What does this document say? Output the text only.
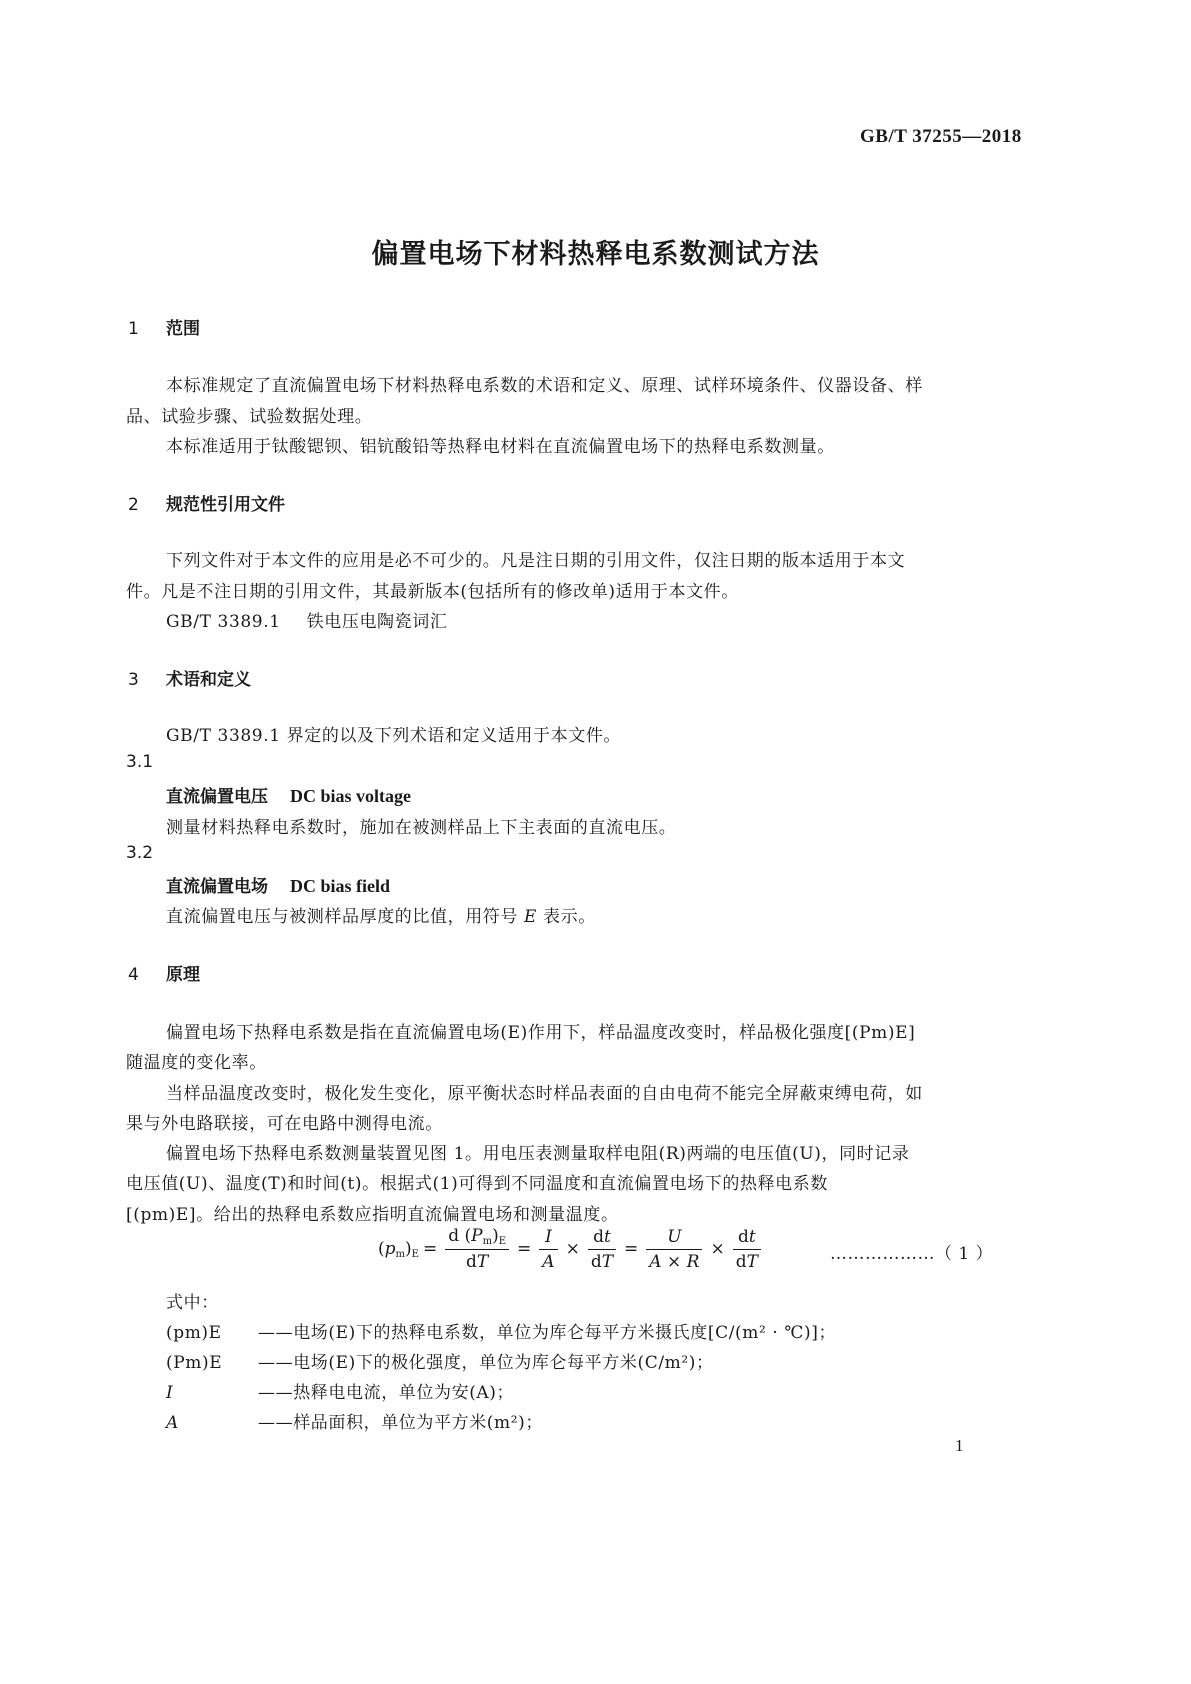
GB/T 37255—2018
偏置电场下材料热释电系数测试方法
1 范围
本标准规定了直流偏置电场下材料热释电系数的术语和定义、原理、试样环境条件、仪器设备、样
品、试验步骤、试验数据处理。
本标准适用于钛酸锶钡、铝钪酸铅等热释电材料在直流偏置电场下的热释电系数测量。
2 规范性引用文件
下列文件对于本文件的应用是必不可少的。凡是注日期的引用文件，仅注日期的版本适用于本文
件。凡是不注日期的引用文件，其最新版本(包括所有的修改单)适用于本文件。
GB/T 3389.1 铁电压电陶瓷词汇
3 术语和定义
GB/T 3389.1 界定的以及下列术语和定义适用于本文件。
3.1
直流偏置电压 DC bias voltage
测量材料热释电系数时，施加在被测样品上下主表面的直流电压。
3.2
直流偏置电场 DC bias field
直流偏置电压与被测样品厚度的比值，用符号 E 表示。
4 原理
偏置电场下热释电系数是指在直流偏置电场(E)作用下，样品温度改变时，样品极化强度[(Pm)E]
随温度的变化率。
当样品温度改变时，极化发生变化，原平衡状态时样品表面的自由电荷不能完全屏蔽束缚电荷，如
果与外电路联接，可在电路中测得电流。
偏置电场下热释电系数测量装置见图 1。用电压表测量取样电阻(R)两端的电压值(U)，同时记录
电压值(U)、温度(T)和时间(t)。根据式(1)可得到不同温度和直流偏置电场下的热释电系数
[(pm)E]。给出的热释电系数应指明直流偏置电场和测量温度。
$(p_m)_E = \frac{d (P_m)_E}{dT} = \frac{I}{A} \times \frac{dt}{dT} = \frac{U}{A \times R} \times \frac{dt}{dT}$	………………（ 1 ）
式中：
(pm)E ——电场(E)下的热释电系数，单位为库仑每平方米摄氏度[C/(m² · ℃)]；
(Pm)E ——电场(E)下的极化强度，单位为库仑每平方米(C/m²)；
I	——热释电电流，单位为安(A)；
A	——样品面积，单位为平方米(m²)；
1
